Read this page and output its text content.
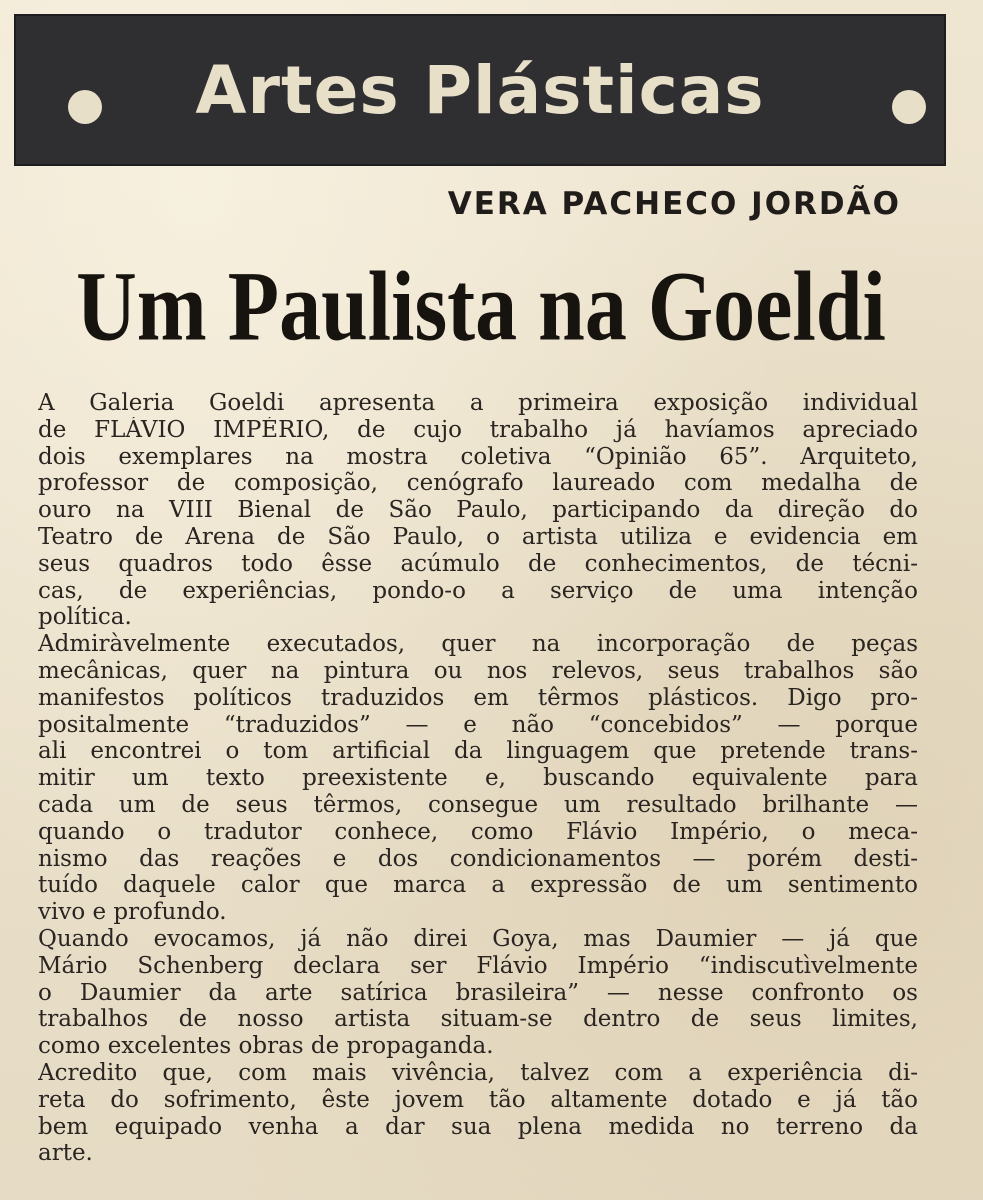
Artes Plásticas
VERA PACHECO JORDÃO
Um Paulista na Goeldi
A Galeria Goeldi apresenta a primeira exposição individual
de FLÁVIO IMPÉRIO, de cujo trabalho já havíamos apreciado
dois exemplares na mostra coletiva “Opinião 65”. Arquiteto,
professor de composição, cenógrafo laureado com medalha de
ouro na VIII Bienal de São Paulo, participando da direção do
Teatro de Arena de São Paulo, o artista utiliza e evidencia em
seus quadros todo êsse acúmulo de conhecimentos, de técni-
cas, de experiências, pondo-o a serviço de uma intenção
política.
Admiràvelmente executados, quer na incorporação de peças
mecânicas, quer na pintura ou nos relevos, seus trabalhos são
manifestos políticos traduzidos em têrmos plásticos. Digo pro-
positalmente “traduzidos” — e não “concebidos” — porque
ali encontrei o tom artificial da linguagem que pretende trans-
mitir um texto preexistente e, buscando equivalente para
cada um de seus têrmos, consegue um resultado brilhante —
quando o tradutor conhece, como Flávio Império, o meca-
nismo das reações e dos condicionamentos — porém desti-
tuído daquele calor que marca a expressão de um sentimento
vivo e profundo.
Quando evocamos, já não direi Goya, mas Daumier — já que
Mário Schenberg declara ser Flávio Império “indiscutìvelmente
o Daumier da arte satírica brasileira” — nesse confronto os
trabalhos de nosso artista situam-se dentro de seus limites,
como excelentes obras de propaganda.
Acredito que, com mais vivência, talvez com a experiência di-
reta do sofrimento, êste jovem tão altamente dotado e já tão
bem equipado venha a dar sua plena medida no terreno da
arte.
